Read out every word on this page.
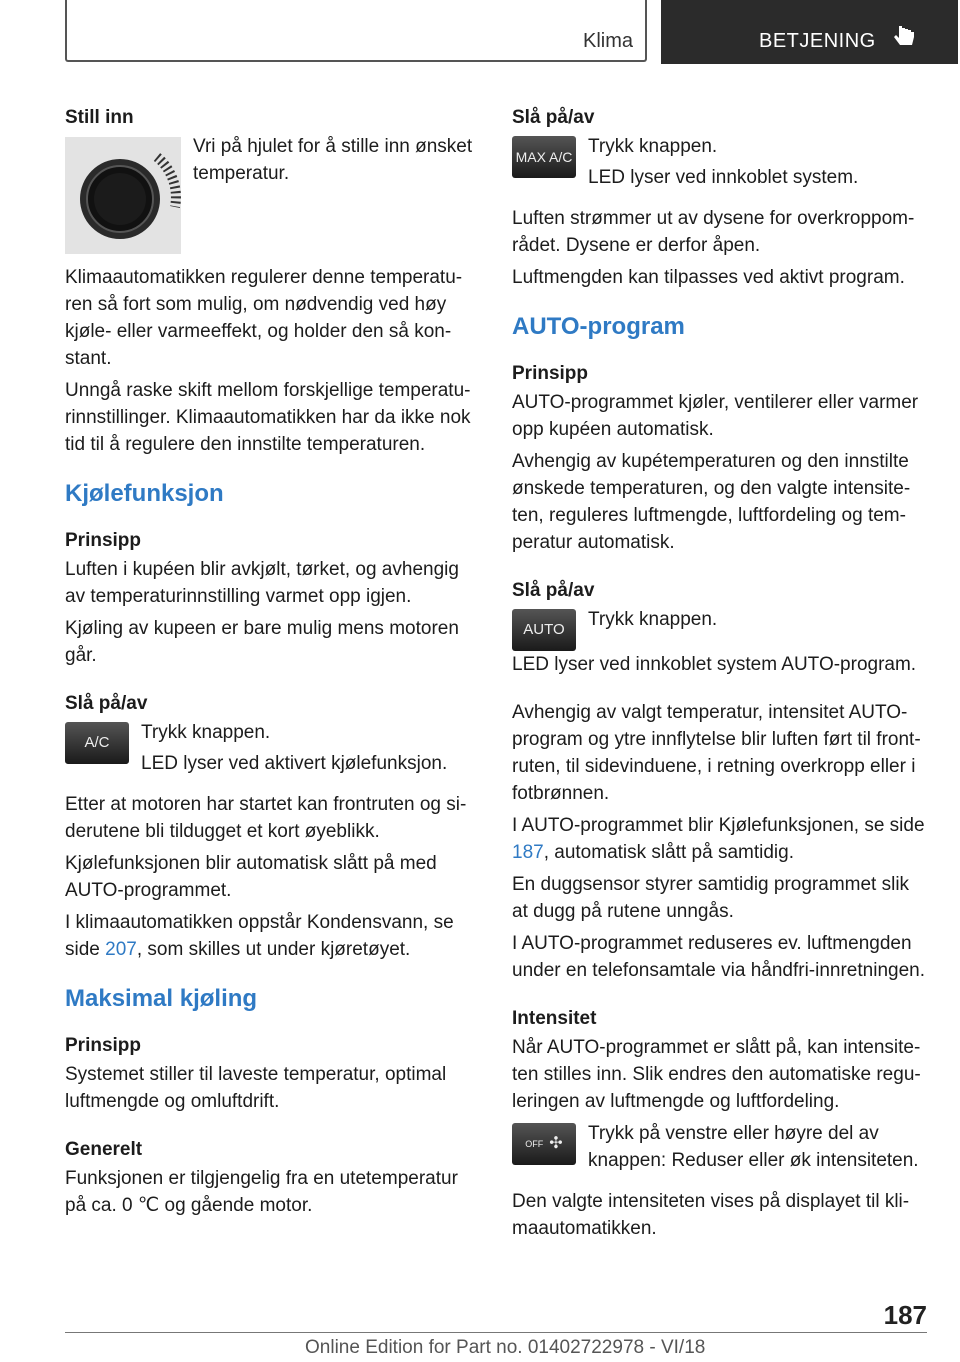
Klima	BETJENING
Still inn

Vri på hjulet for å stille inn ønsket temperatur.

Klimaautomatikken regulerer denne temperaturen så fort som mulig, om nødvendig ved høy kjøle- eller varmeeffekt, og holder den så konstant.

Unngå raske skift mellom forskjellige temperaturinnstillinger. Klimaautomatikken har da ikke nok tid til å regulere den innstilte temperaturen.

Kjølefunksjon
Prinsipp

Luften i kupéen blir avkjølt, tørket, og avhengig av temperaturinnstilling varmet opp igjen.

Kjøling av kupeen er bare mulig mens motoren går.

Slå på/av
A/C	Trykk knappen.

LED lyser ved aktivert kjølefunksjon.

Etter at motoren har startet kan frontruten og siderutene bli tildugget et kort øyeblikk.

Kjølefunksjonen blir automatisk slått på med AUTO-programmet.

I klimaautomatikken oppstår Kondensvann, se side 207, som skilles ut under kjøretøyet.

Maksimal kjøling
Prinsipp

Systemet stiller til laveste temperatur, optimal luftmengde og omluftdrift.

Generelt

Funksjonen er tilgjengelig fra en utetemperatur på ca. 0 ℃ og gående motor.

Slå på/av
MAX A/C Trykk knappen.

LED lyser ved innkoblet system.

Luften strømmer ut av dysene for overkroppområdet. Dysene er derfor åpen.

Luftmengden kan tilpasses ved aktivt program.

AUTO-program
Prinsipp

AUTO-programmet kjøler, ventilerer eller varmer opp kupéen automatisk.

Avhengig av kupétemperaturen og den innstilte ønskede temperaturen, og den valgte intensiteten, reguleres luftmengde, luftfordeling og temperatur automatisk.

Slå på/av
AUTO	Trykk knappen.

LED lyser ved innkoblet system AUTO-program.

Avhengig av valgt temperatur, intensitet AUTO-program og ytre innflytelse blir luften ført til frontruten, til sidevinduene, i retning overkropp eller i fotbrønnen.

I AUTO-programmet blir Kjølefunksjonen, se side 187, automatisk slått på samtidig.

En duggsensor styrer samtidig programmet slik at dugg på rutene unngås.

I AUTO-programmet reduseres ev. luftmengden under en telefonsamtale via håndfri-innretningen.

Intensitet

Når AUTO-programmet er slått på, kan intensiteten stilles inn. Slik endres den automatiske reguleringen av luftmengde og luftfordeling.

OFF ✣ Trykk på venstre eller høyre del av knappen: Reduser eller øk intensiteten.

Den valgte intensiteten vises på displayet til klimaautomatikken.

187
Online Edition for Part no. 01402722978 - VI/18
